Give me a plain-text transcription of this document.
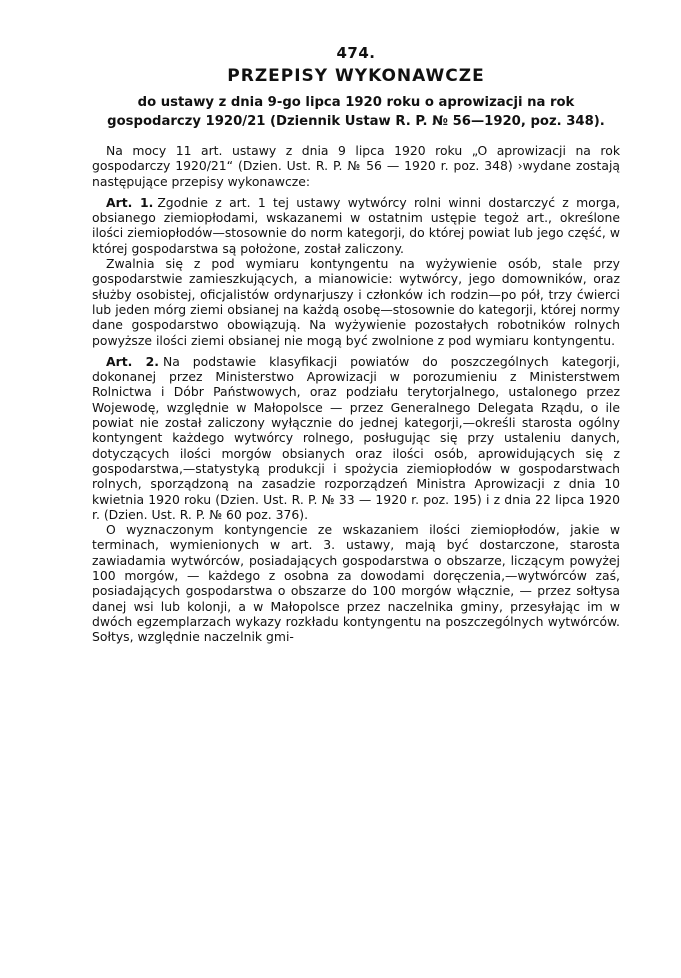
474.
PRZEPISY WYKONAWCZE
do ustawy z dnia 9-go lipca 1920 roku o aprowizacji na rok gospodarczy 1920/21 (Dziennik Ustaw R. P. № 56—1920, poz. 348).

Na mocy 11 art. ustawy z dnia 9 lipca 1920 roku „O aprowizacji na rok gospodarczy 1920/21“ (Dzien. Ust. R. P. № 56 — 1920 r. poz. 348) ›wydane zostają następujące przepisy wykonawcze:

Art. 1. Zgodnie z art. 1 tej ustawy wytwórcy rolni winni dostarczyć z morga, obsianego ziemiopłodami, wskazanemi w ostatnim ustępie tegoż art., określone ilości ziemiopłodów—stosownie do norm kategorji, do której powiat lub jego część, w której gospodarstwa są położone, został zaliczony.

Zwalnia się z pod wymiaru kontyngentu na wyżywienie osób, stale przy gospodarstwie zamieszkujących, a mianowicie: wytwórcy, jego domowników, oraz służby osobistej, oficjalistów ordynarjuszy i członków ich rodzin—po pół, trzy ćwierci lub jeden mórg ziemi obsianej na każdą osobę—stosownie do kategorji, której normy dane gospodarstwo obowiązują. Na wyżywienie pozostałych robotników rolnych powyższe ilości ziemi obsianej nie mogą być zwolnione z pod wymiaru kontyngentu.

Art. 2. Na podstawie klasyfikacji powiatów do poszczególnych kategorji, dokonanej przez Ministerstwo Aprowizacji w porozumieniu z Ministerstwem Rolnictwa i Dóbr Państwowych, oraz podziału terytorjalnego, ustalonego przez Wojewodę, względnie w Małopolsce — przez Generalnego Delegata Rządu, o ile powiat nie został zaliczony wyłącznie do jednej kategorji,—określi starosta ogólny kontyngent każdego wytwórcy rolnego, posługując się przy ustaleniu danych, dotyczących ilości morgów obsianych oraz ilości osób, aprowidujących się z gospodarstwa,—statystyką produkcji i spożycia ziemiopłodów w gospodarstwach rolnych, sporządzoną na zasadzie rozporządzeń Ministra Aprowizacji z dnia 10 kwietnia 1920 roku (Dzien. Ust. R. P. № 33 — 1920 r. poz. 195) i z dnia 22 lipca 1920 r. (Dzien. Ust. R. P. № 60 poz. 376).

O wyznaczonym kontyngencie ze wskazaniem ilości ziemiopłodów, jakie w terminach, wymienionych w art. 3. ustawy, mają być dostarczone, starosta zawiadamia wytwórców, posiadających gospodarstwa o obszarze, liczącym powyżej 100 morgów, — każdego z osobna za dowodami doręczenia,—wytwórców zaś, posiadających gospodarstwa o obszarze do 100 morgów włącznie, — przez sołtysa danej wsi lub kolonji, a w Małopolsce przez naczelnika gminy, przesyłając im w dwóch egzemplarzach wykazy rozkładu kontyngentu na poszczególnych wytwórców. Sołtys, względnie naczelnik gmi-
